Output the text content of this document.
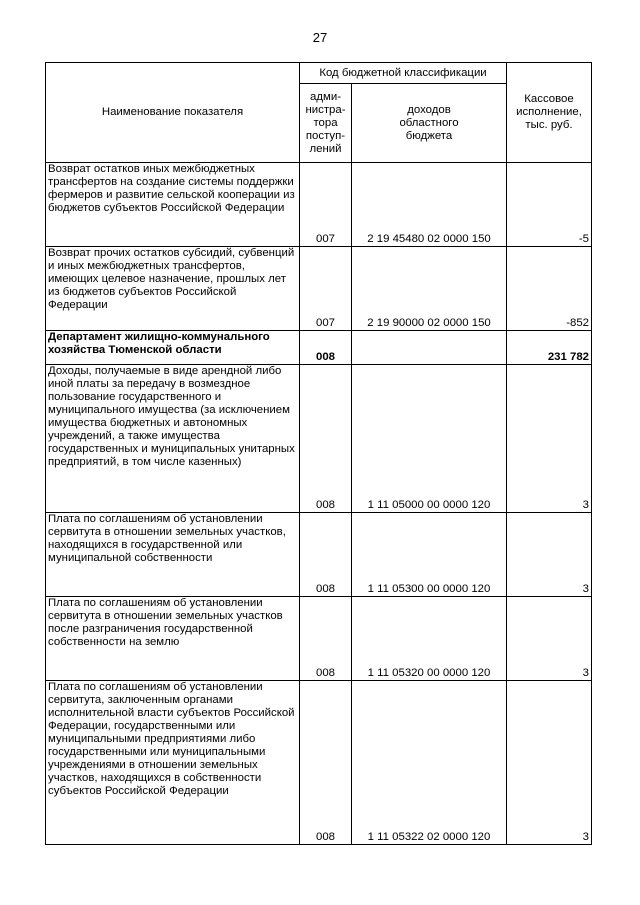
27
Наименование показателя	Код бюджетной классификации		Кассовое
исполнение,
тыс. руб.
	адми-
нистра-
тора
поступ-
лений	доходов
областного
бюджета	

Возврат остатков иных межбюджетных трансфертов на создание системы поддержки фермеров и развитие сельской кооперации из бюджетов субъектов Российской Федерации	007	2 19 45480 02 0000 150	-5

Возврат прочих остатков субсидий, субвенций и иных межбюджетных трансфертов, имеющих целевое назначение, прошлых лет из бюджетов субъектов Российской Федерации	007	2 19 90000 02 0000 150	-852

Департамент жилищно-коммунального хозяйства Тюменской области	008		231 782

Доходы, получаемые в виде арендной либо иной платы за передачу в возмездное пользование государственного и муниципального имущества (за исключением имущества бюджетных и автономных учреждений, а также имущества государственных и муниципальных унитарных предприятий, в том числе казенных)	008	1 11 05000 00 0000 120	3

Плата по соглашениям об установлении сервитута в отношении земельных участков, находящихся в государственной или муниципальной собственности	008	1 11 05300 00 0000 120	3

Плата по соглашениям об установлении сервитута в отношении земельных участков после разграничения государственной собственности на землю	008	1 11 05320 00 0000 120	3

Плата по соглашениям об установлении сервитута, заключенным органами исполнительной власти субъектов Российской Федерации, государственными или муниципальными предприятиями либо государственными или муниципальными учреждениями в отношении земельных участков, находящихся в собственности субъектов Российской Федерации	008	1 11 05322 02 0000 120	3
